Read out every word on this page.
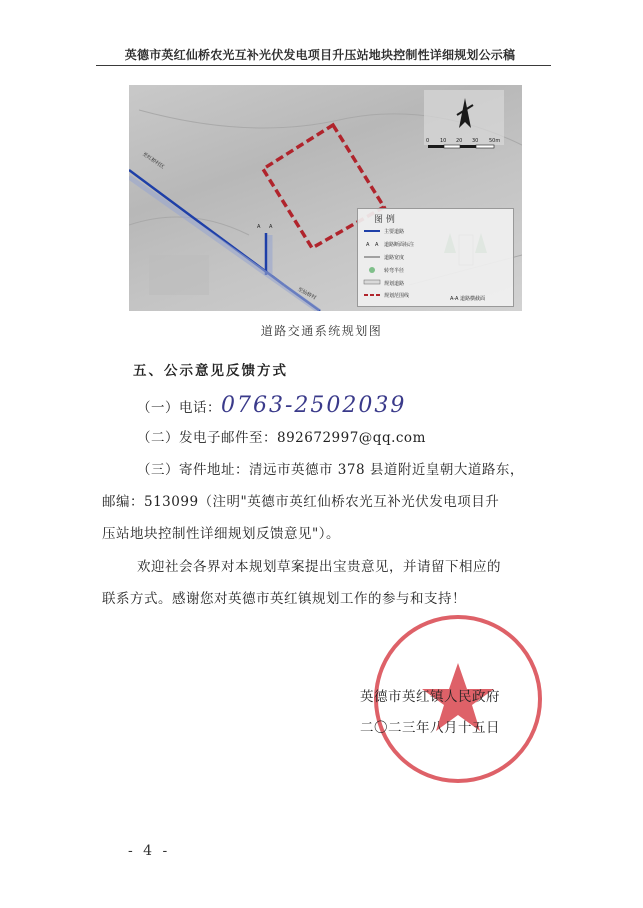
英德市英红仙桥农光互补光伏发电项目升压站地块控制性详细规划公示稿
至红桥村区
至仙桥村
A A
0 10 20 30 50m
图 例
A A
主要道路
道路断面标注
道路宽度
转弯半径
规划道路
规划范围线	A-A 道路横截面
道路交通系统规划图
五、公示意见反馈方式
（一）电话：0763-2502039
（二）发电子邮件至：892672997@qq.com
（三）寄件地址：清远市英德市 378 县道附近皇朝大道路东，
邮编：513099（注明"英德市英红仙桥农光互补光伏发电项目升
压站地块控制性详细规划反馈意见"）。
欢迎社会各界对本规划草案提出宝贵意见，并请留下相应的
联系方式。感谢您对英德市英红镇规划工作的参与和支持！
英德市英红镇人民政府
二〇二三年八月十五日
- 4 -
